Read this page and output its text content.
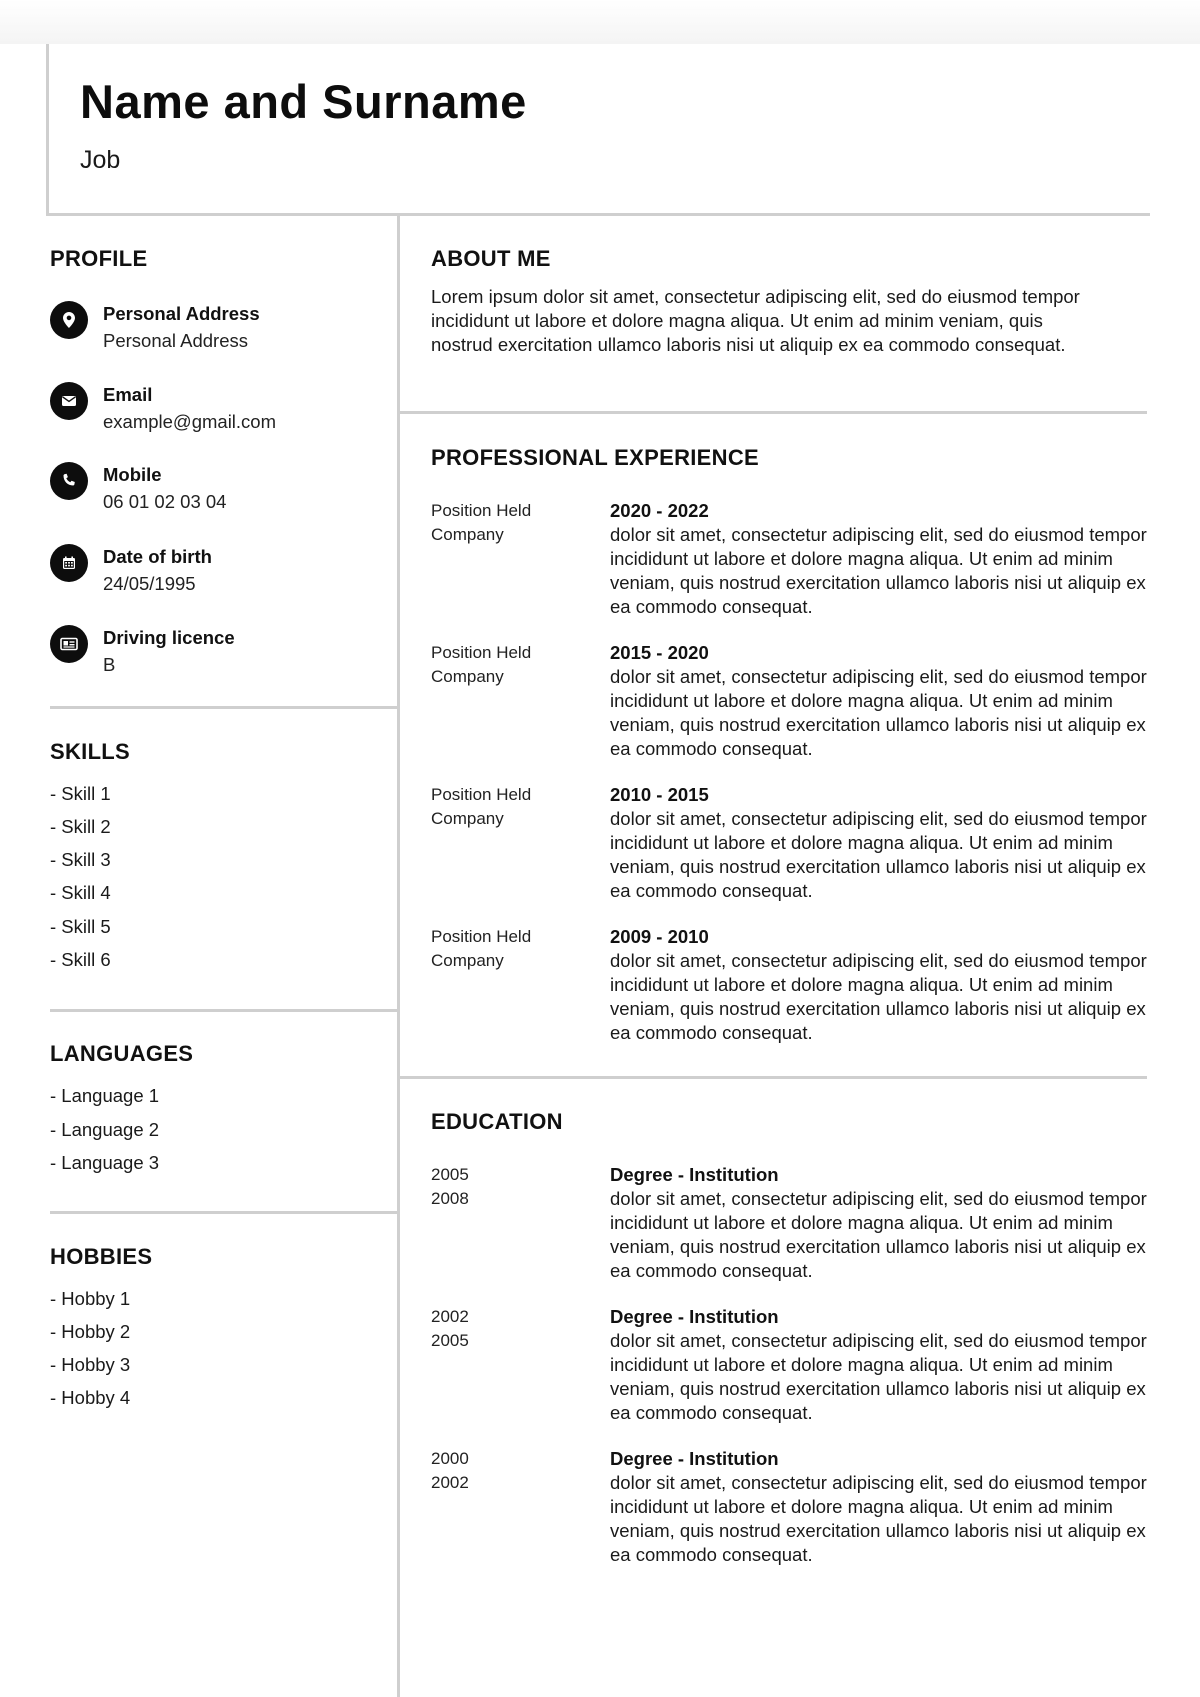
Name and Surname
Job
PROFILE
Personal Address
Personal Address
Email
example@gmail.com
Mobile
06 01 02 03 04
Date of birth
24/05/1995
Driving licence
B
SKILLS
- Skill 1
- Skill 2
- Skill 3
- Skill 4
- Skill 5
- Skill 6
LANGUAGES
- Language 1
- Language 2
- Language 3
HOBBIES
- Hobby 1
- Hobby 2
- Hobby 3
- Hobby 4
ABOUT ME
Lorem ipsum dolor sit amet, consectetur adipiscing elit, sed do eiusmod tempor incididunt ut labore et dolore magna aliqua. Ut enim ad minim veniam, quis nostrud exercitation ullamco laboris nisi ut aliquip ex ea commodo consequat.
PROFESSIONAL EXPERIENCE
Position Held
Company
2020 - 2022
dolor sit amet, consectetur adipiscing elit, sed do eiusmod tempor incididunt ut labore et dolore magna aliqua. Ut enim ad minim veniam, quis nostrud exercitation ullamco laboris nisi ut aliquip ex ea commodo consequat.
Position Held
Company
2015 - 2020
dolor sit amet, consectetur adipiscing elit, sed do eiusmod tempor incididunt ut labore et dolore magna aliqua. Ut enim ad minim veniam, quis nostrud exercitation ullamco laboris nisi ut aliquip ex ea commodo consequat.
Position Held
Company
2010 - 2015
dolor sit amet, consectetur adipiscing elit, sed do eiusmod tempor incididunt ut labore et dolore magna aliqua. Ut enim ad minim veniam, quis nostrud exercitation ullamco laboris nisi ut aliquip ex ea commodo consequat.
Position Held
Company
2009 - 2010
dolor sit amet, consectetur adipiscing elit, sed do eiusmod tempor incididunt ut labore et dolore magna aliqua. Ut enim ad minim veniam, quis nostrud exercitation ullamco laboris nisi ut aliquip ex ea commodo consequat.
EDUCATION
2005
2008
Degree - Institution
dolor sit amet, consectetur adipiscing elit, sed do eiusmod tempor incididunt ut labore et dolore magna aliqua. Ut enim ad minim veniam, quis nostrud exercitation ullamco laboris nisi ut aliquip ex ea commodo consequat.
2002
2005
Degree - Institution
dolor sit amet, consectetur adipiscing elit, sed do eiusmod tempor incididunt ut labore et dolore magna aliqua. Ut enim ad minim veniam, quis nostrud exercitation ullamco laboris nisi ut aliquip ex ea commodo consequat.
2000
2002
Degree - Institution
dolor sit amet, consectetur adipiscing elit, sed do eiusmod tempor incididunt ut labore et dolore magna aliqua. Ut enim ad minim veniam, quis nostrud exercitation ullamco laboris nisi ut aliquip ex ea commodo consequat.
